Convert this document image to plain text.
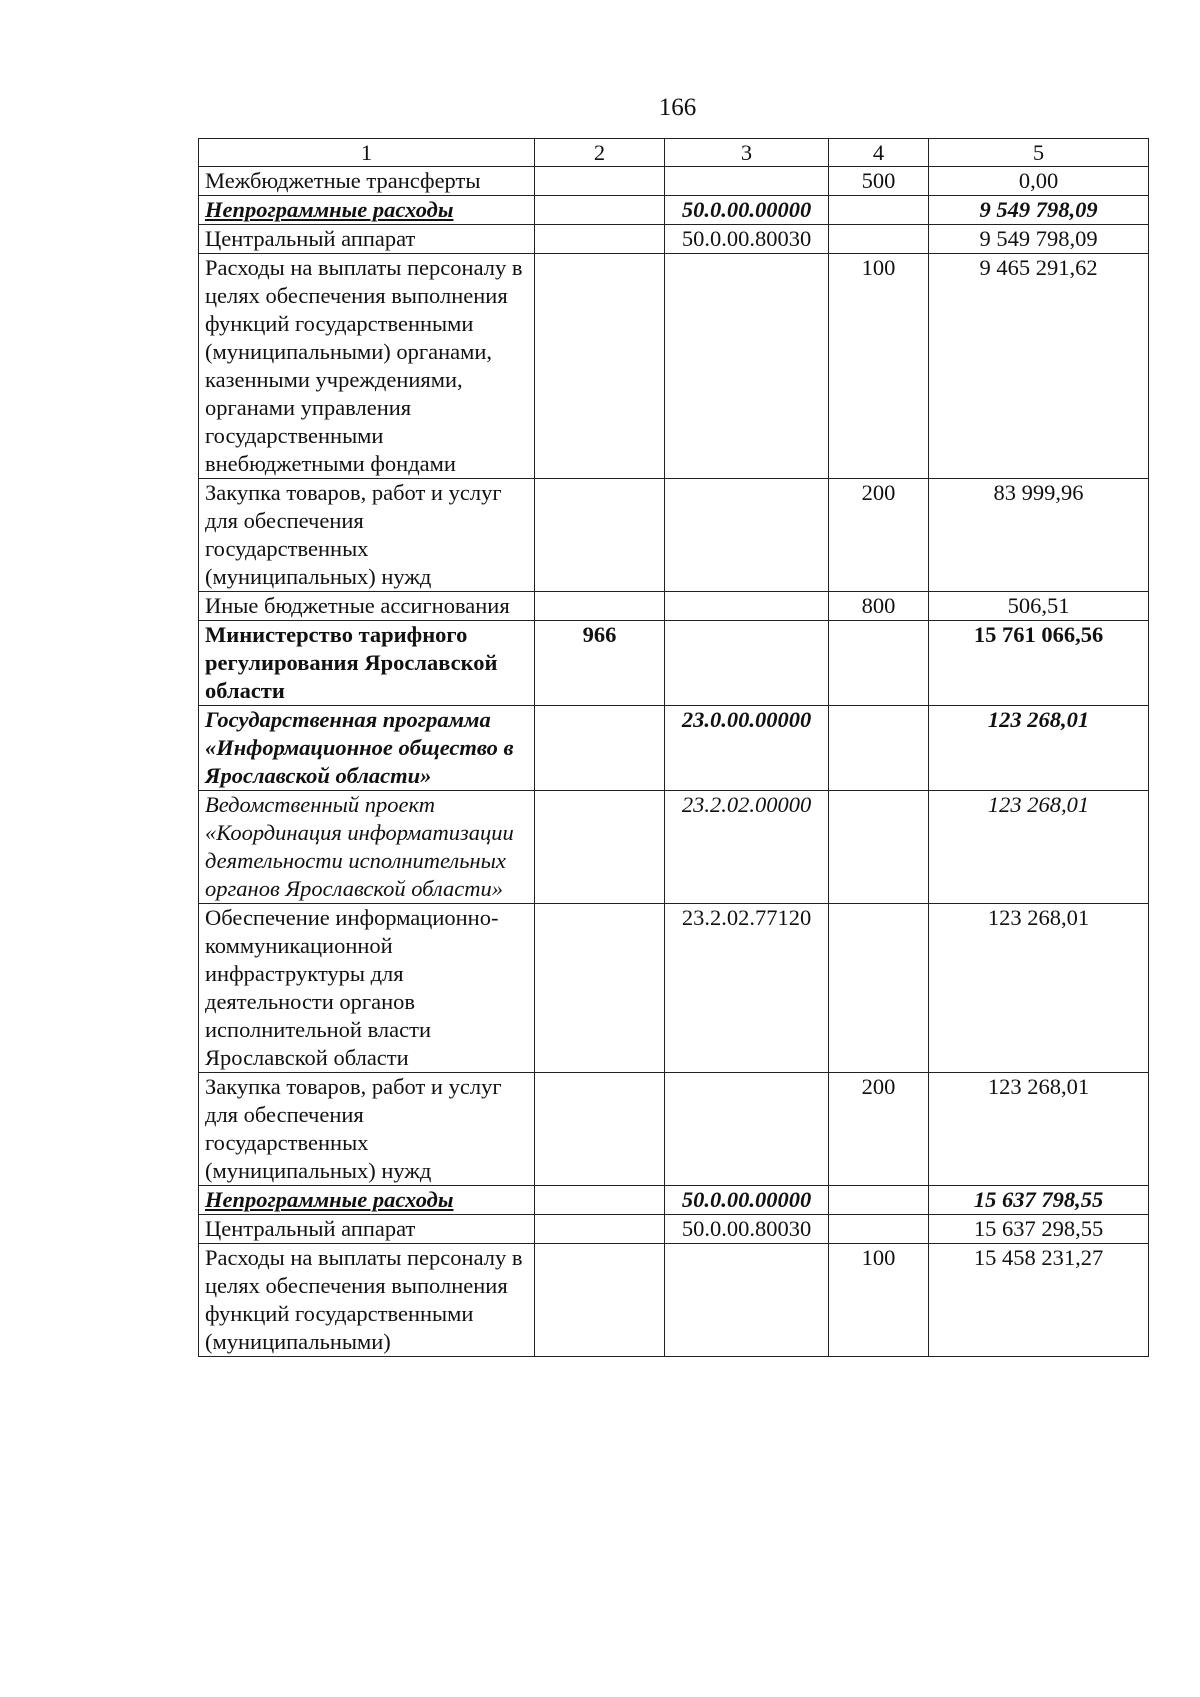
166
1	2	3	4	5
Межбюджетные трансферты			500	0,00
Непрограммные расходы		50.0.00.00000		9 549 798,09
Центральный аппарат		50.0.00.80030		9 549 798,09
Расходы на выплаты персоналу в целях обеспечения выполнения функций государственными (муниципальными) органами, казенными учреждениями, органами управления государственными внебюджетными фондами			100	9 465 291,62
Закупка товаров, работ и услуг для обеспечения государственных (муниципальных) нужд			200	83 999,96
Иные бюджетные ассигнования			800	506,51
Министерство тарифного регулирования Ярославской области	966			15 761 066,56
Государственная программа «Информационное общество в Ярославской области»		23.0.00.00000		123 268,01
Ведомственный проект «Координация информатизации деятельности исполнительных органов Ярославской области»		23.2.02.00000		123 268,01
Обеспечение информационно-коммуникационной инфраструктуры для деятельности органов исполнительной власти Ярославской области		23.2.02.77120		123 268,01
Закупка товаров, работ и услуг для обеспечения государственных (муниципальных) нужд			200	123 268,01
Непрограммные расходы		50.0.00.00000		15 637 798,55
Центральный аппарат		50.0.00.80030		15 637 298,55
Расходы на выплаты персоналу в целях обеспечения выполнения функций государственными (муниципальными)			100	15 458 231,27
